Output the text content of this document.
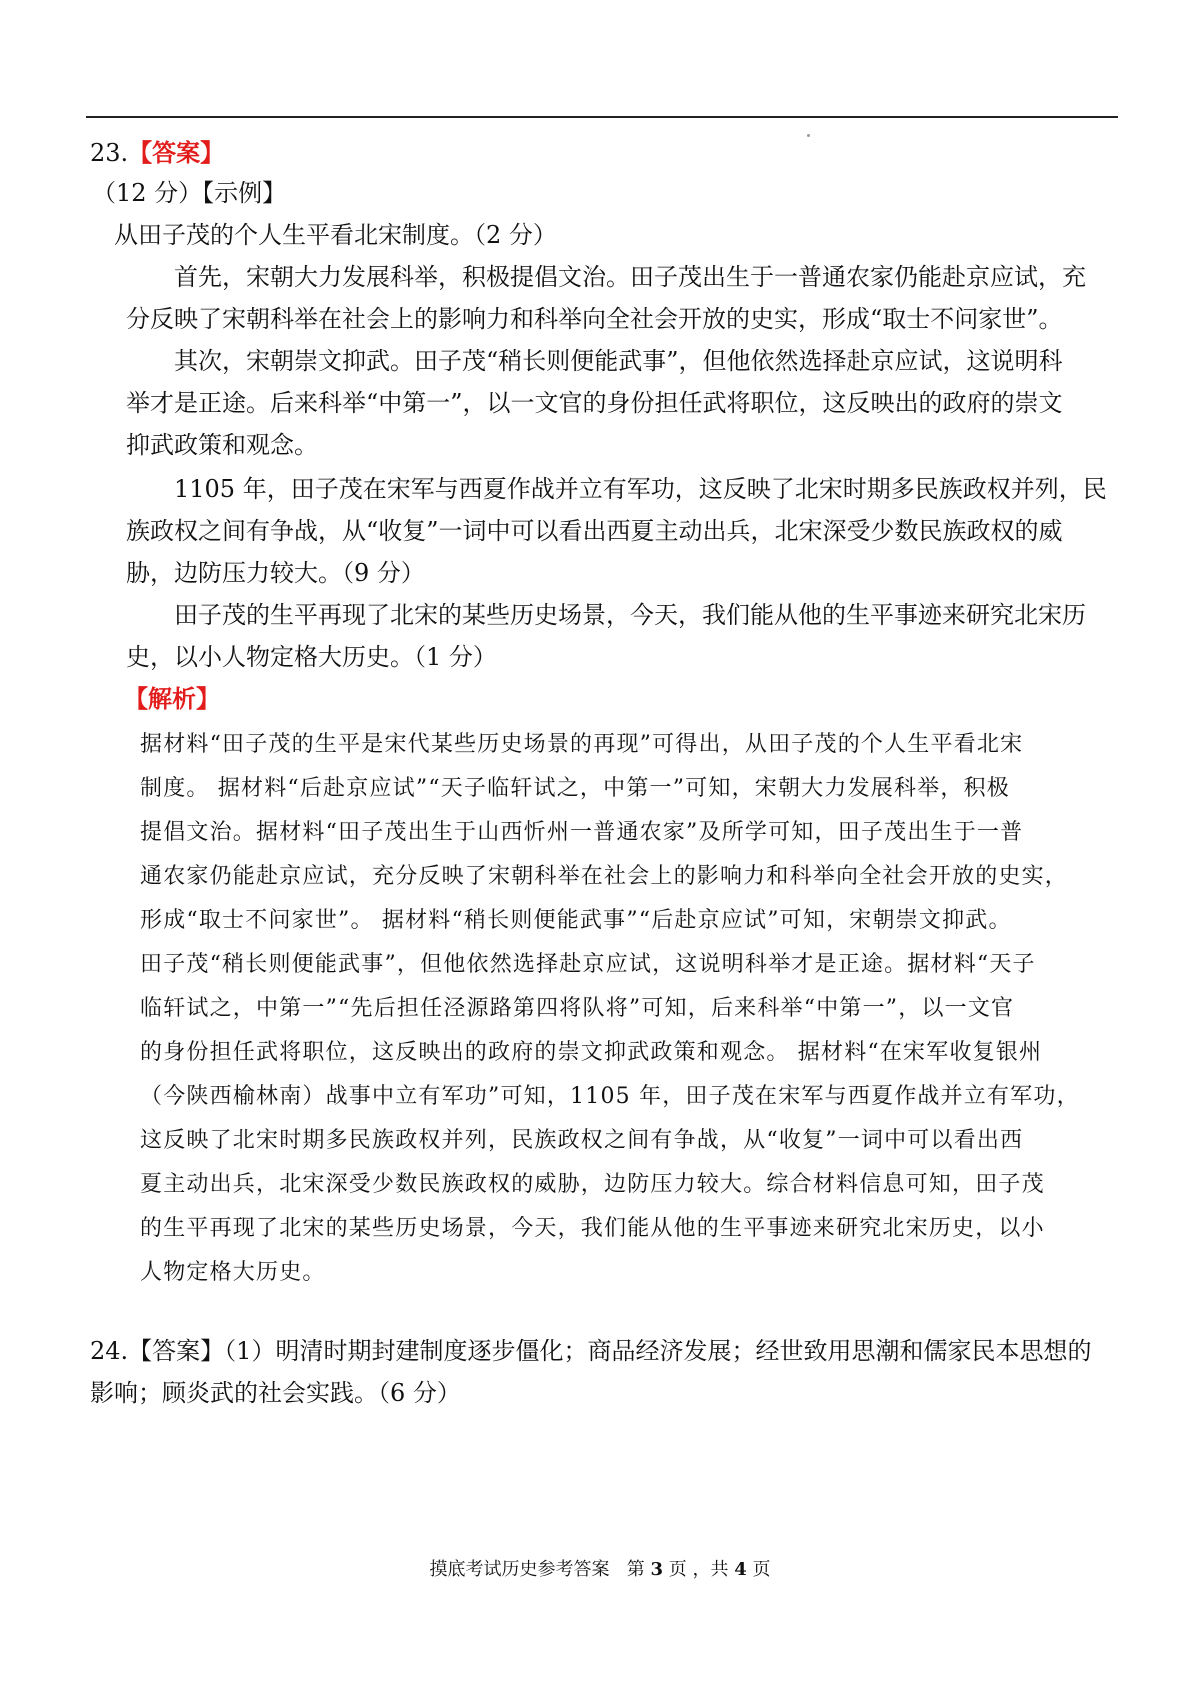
23.【答案】
（12 分）【示例】
从田子茂的个人生平看北宋制度。（2 分）
首先，宋朝大力发展科举，积极提倡文治。田子茂出生于一普通农家仍能赴京应试，充
分反映了宋朝科举在社会上的影响力和科举向全社会开放的史实，形成“取士不问家世”。
其次，宋朝崇文抑武。田子茂“稍长则便能武事”，但他依然选择赴京应试，这说明科
举才是正途。后来科举“中第一”，以一文官的身份担任武将职位，这反映出的政府的崇文
抑武政策和观念。
1105 年，田子茂在宋军与西夏作战并立有军功，这反映了北宋时期多民族政权并列，民
族政权之间有争战，从“收复”一词中可以看出西夏主动出兵，北宋深受少数民族政权的威
胁，边防压力较大。（9 分）
田子茂的生平再现了北宋的某些历史场景，今天，我们能从他的生平事迹来研究北宋历
史，以小人物定格大历史。（1 分）
【解析】
据材料“田子茂的生平是宋代某些历史场景的再现”可得出，从田子茂的个人生平看北宋
制度。 据材料“后赴京应试”“天子临轩试之，中第一”可知，宋朝大力发展科举，积极
提倡文治。据材料“田子茂出生于山西忻州一普通农家”及所学可知，田子茂出生于一普
通农家仍能赴京应试，充分反映了宋朝科举在社会上的影响力和科举向全社会开放的史实，
形成“取士不问家世”。 据材料“稍长则便能武事”“后赴京应试”可知，宋朝崇文抑武。
田子茂“稍长则便能武事”，但他依然选择赴京应试，这说明科举才是正途。据材料“天子
临轩试之，中第一”“先后担任泾源路第四将队将”可知，后来科举“中第一”，以一文官
的身份担任武将职位，这反映出的政府的崇文抑武政策和观念。 据材料“在宋军收复银州
（今陕西榆林南）战事中立有军功”可知，1105 年，田子茂在宋军与西夏作战并立有军功，
这反映了北宋时期多民族政权并列，民族政权之间有争战，从“收复”一词中可以看出西
夏主动出兵，北宋深受少数民族政权的威胁，边防压力较大。综合材料信息可知，田子茂
的生平再现了北宋的某些历史场景，今天，我们能从他的生平事迹来研究北宋历史，以小
人物定格大历史。
24.【答案】（1）明清时期封建制度逐步僵化；商品经济发展；经世致用思潮和儒家民本思想的
影响；顾炎武的社会实践。（6 分）
摸底考试历史参考答案 第 3 页 ，共 4 页
